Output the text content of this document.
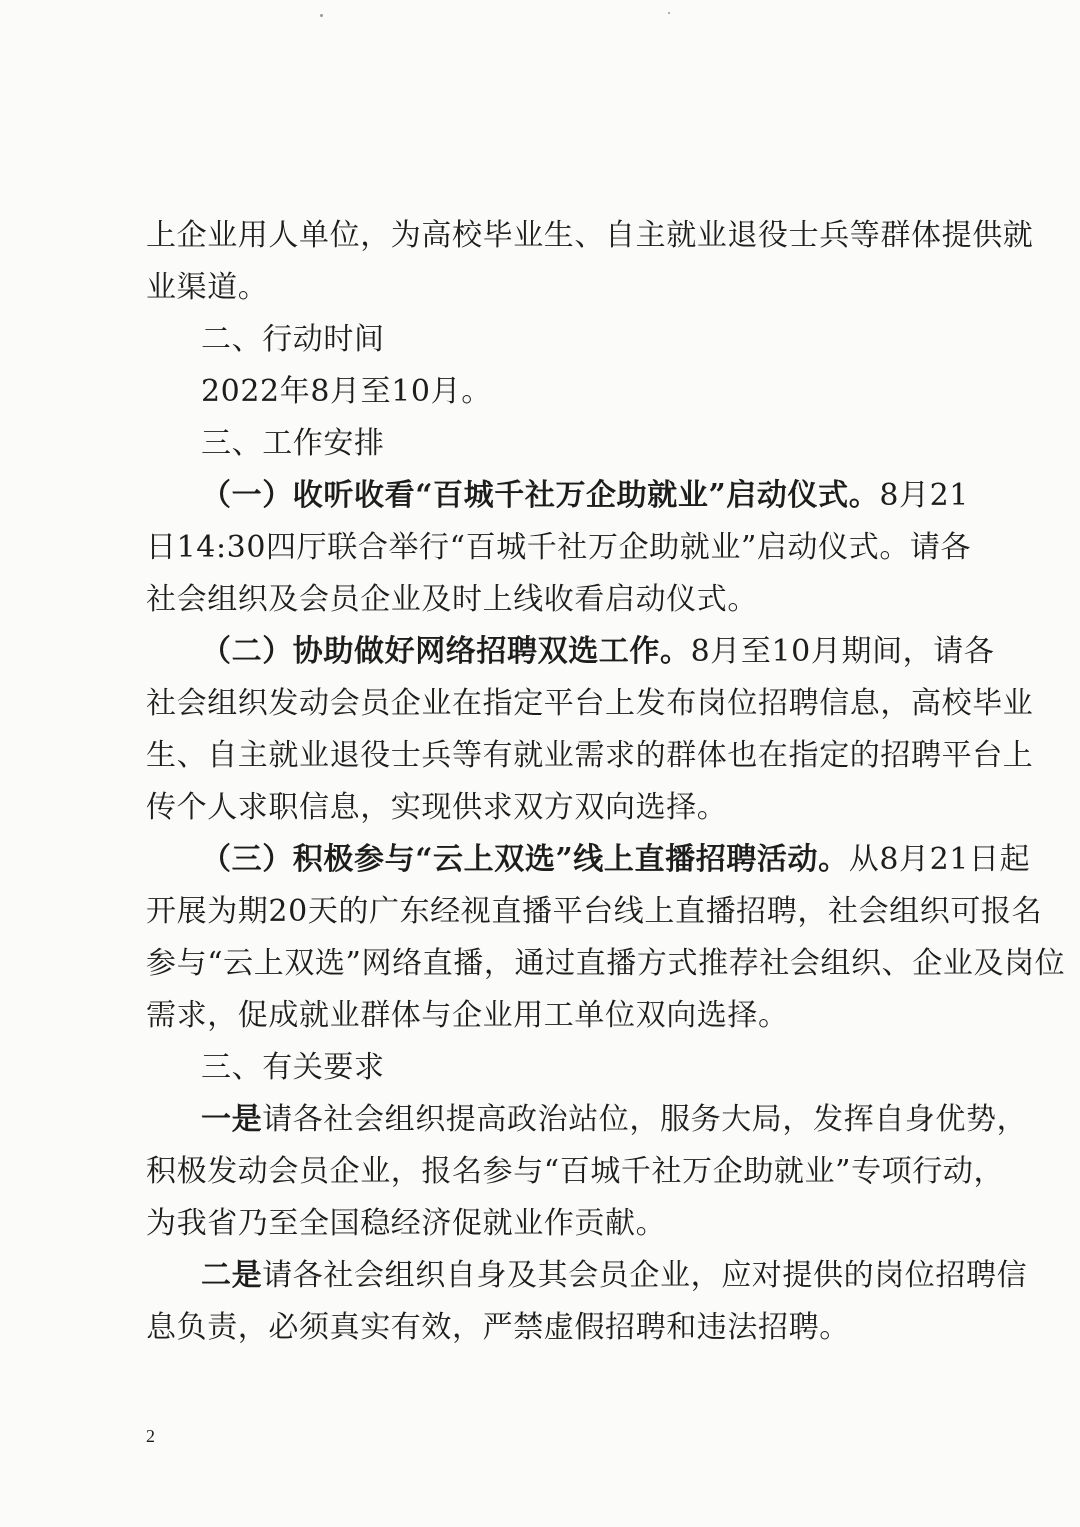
上企业用人单位，为高校毕业生、自主就业退役士兵等群体提供就
业渠道。
二、行动时间
2022年8月至10月。
三、工作安排
（一）收听收看“百城千社万企助就业”启动仪式。8月21
日14:30四厅联合举行“百城千社万企助就业”启动仪式。请各
社会组织及会员企业及时上线收看启动仪式。
（二）协助做好网络招聘双选工作。8月至10月期间，请各
社会组织发动会员企业在指定平台上发布岗位招聘信息，高校毕业
生、自主就业退役士兵等有就业需求的群体也在指定的招聘平台上
传个人求职信息，实现供求双方双向选择。
（三）积极参与“云上双选”线上直播招聘活动。从8月21日起
开展为期20天的广东经视直播平台线上直播招聘，社会组织可报名
参与“云上双选”网络直播，通过直播方式推荐社会组织、企业及岗位
需求，促成就业群体与企业用工单位双向选择。
三、有关要求
一是请各社会组织提高政治站位，服务大局，发挥自身优势，
积极发动会员企业，报名参与“百城千社万企助就业”专项行动，
为我省乃至全国稳经济促就业作贡献。
二是请各社会组织自身及其会员企业，应对提供的岗位招聘信
息负责，必须真实有效，严禁虚假招聘和违法招聘。
2
